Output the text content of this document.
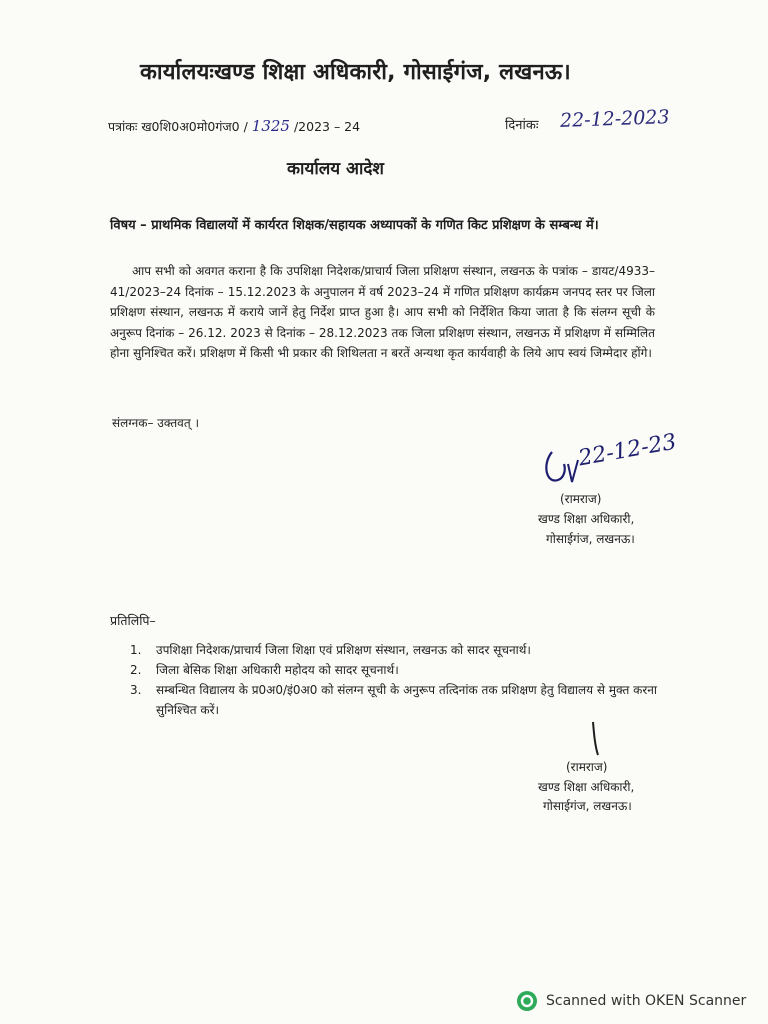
कार्यालयःखण्ड शिक्षा अधिकारी, गोसाईगंज, लखनऊ।
पत्रांकः ख0शि0अ0मो0गंज0 / 1325 /2023 – 24	दिनांकः 22-12-2023
कार्यालय आदेश
विषय – प्राथमिक विद्यालयों में कार्यरत शिक्षक/सहायक अध्यापकों के गणित किट प्रशिक्षण के सम्बन्ध में।
आप सभी को अवगत कराना है कि उपशिक्षा निदेशक/प्राचार्य जिला प्रशिक्षण संस्थान, लखनऊ के पत्रांक – डायट/4933–41/2023–24 दिनांक – 15.12.2023 के अनुपालन में वर्ष 2023–24 में गणित प्रशिक्षण कार्यक्रम जनपद स्तर पर जिला प्रशिक्षण संस्थान, लखनऊ में कराये जानें हेतु निर्देश प्राप्त हुआ है। आप सभी को निर्देशित किया जाता है कि संलग्न सूची के अनुरूप दिनांक – 26.12. 2023 से दिनांक – 28.12.2023 तक जिला प्रशिक्षण संस्थान, लखनऊ में प्रशिक्षण में सम्मिलित होना सुनिश्चित करें। प्रशिक्षण में किसी भी प्रकार की शिथिलता न बरतें अन्यथा कृत कार्यवाही के लिये आप स्वयं जिम्मेदार होंगे।
संलग्नक– उक्तवत् ।
22-12-23
(रामराज)
खण्ड शिक्षा अधिकारी,
गोसाईगंज, लखनऊ।
प्रतिलिपि–
1. उपशिक्षा निदेशक/प्राचार्य जिला शिक्षा एवं प्रशिक्षण संस्थान, लखनऊ को सादर सूचनार्थ।
2. जिला बेसिक शिक्षा अधिकारी महोदय को सादर सूचनार्थ।
3. सम्बन्धित विद्यालय के प्र0अ0/इं0अ0 को संलग्न सूची के अनुरूप तत्दिनांक तक प्रशिक्षण हेतु विद्यालय से मुक्त करना सुनिश्चित करें।
(रामराज)
खण्ड शिक्षा अधिकारी,
गोसाईगंज, लखनऊ।
Scanned with OKEN Scanner
